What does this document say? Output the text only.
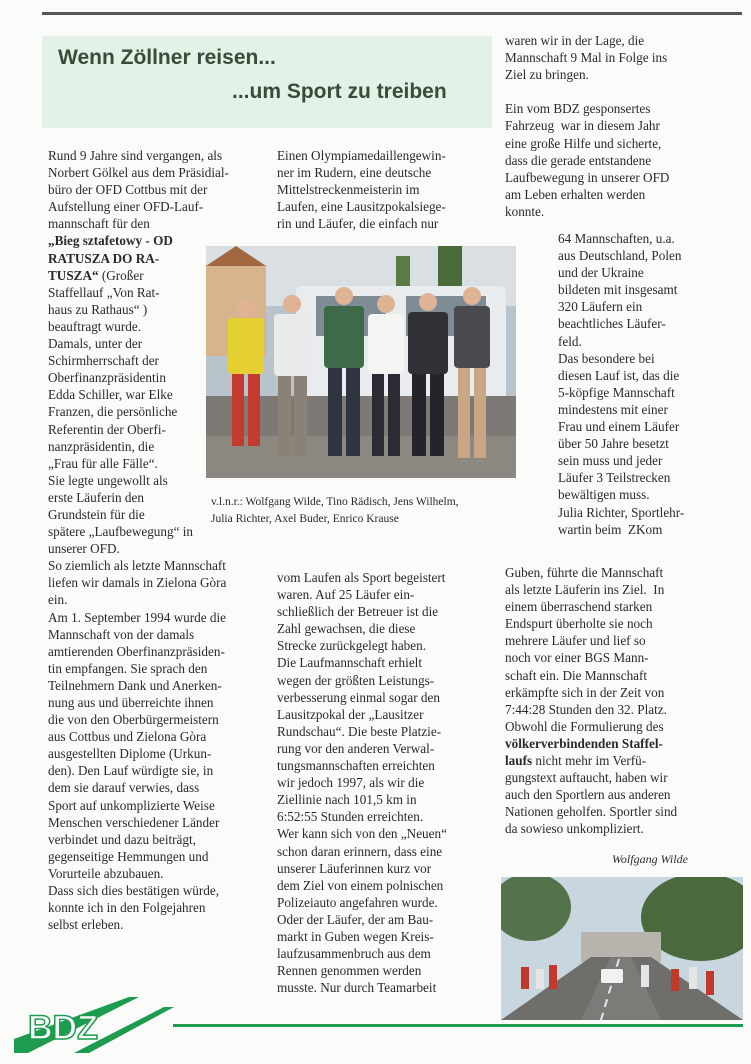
Wenn Zöllner reisen...
...um Sport zu treiben

Rund 9 Jahre sind vergangen, als

Norbert Gölkel aus dem Präsidial-

büro der OFD Cottbus mit der

Aufstellung einer OFD-Lauf-

mannschaft für den

„Bieg sztafetowy - OD

RATUSZA DO RA-

TUSZA“ (Großer

Staffellauf „Von Rat-

haus zu Rathaus“ )

beauftragt wurde.

Damals, unter der

Schirmherrschaft der

Oberfinanzpräsidentin

Edda Schiller, war Elke

Franzen, die persönliche

Referentin der Oberfi-

nanzpräsidentin, die

„Frau für alle Fälle“.

Sie legte ungewollt als

erste Läuferin den

Grundstein für die

spätere „Laufbewegung“ in

unserer OFD.

So ziemlich als letzte Mannschaft

liefen wir damals in Zielona Gòra

ein.

Am 1. September 1994 wurde die

Mannschaft von der damals

amtierenden Oberfinanzpräsiden-

tin empfangen. Sie sprach den

Teilnehmern Dank und Anerken-

nung aus und überreichte ihnen

die von den Oberbürgermeistern

aus Cottbus und Zielona Gòra

ausgestellten Diplome (Urkun-

den). Den Lauf würdigte sie, in

dem sie darauf verwies, dass

Sport auf unkomplizierte Weise

Menschen verschiedener Länder

verbindet und dazu beiträgt,

gegenseitige Hemmungen und

Vorurteile abzubauen.

Dass sich dies bestätigen würde,

konnte ich in den Folgejahren

selbst erleben.

Einen Olympiamedaillengewin-

ner im Rudern, eine deutsche

Mittelstreckenmeisterin im

Laufen, eine Lausitzpokalsiege-

rin und Läufer, die einfach nur

vom Laufen als Sport begeistert

waren. Auf 25 Läufer ein-

schließlich der Betreuer ist die

Zahl gewachsen, die diese

Strecke zurückgelegt haben.

Die Laufmannschaft erhielt

wegen der größten Leistungs-

verbesserung einmal sogar den

Lausitzpokal der „Lausitzer

Rundschau“. Die beste Platzie-

rung vor den anderen Verwal-

tungsmannschaften erreichten

wir jedoch 1997, als wir die

Ziellinie nach 101,5 km in

6:52:55 Stunden erreichten.

Wer kann sich von den „Neuen“

schon daran erinnern, dass eine

unserer Läuferinnen kurz vor

dem Ziel von einem polnischen

Polizeiauto angefahren wurde.

Oder der Läufer, der am Bau-

markt in Guben wegen Kreis-

laufzusammenbruch aus dem

Rennen genommen werden

musste. Nur durch Teamarbeit

waren wir in der Lage, die

Mannschaft 9 Mal in Folge ins

Ziel zu bringen.

Ein vom BDZ gesponsertes

Fahrzeug  war in diesem Jahr

eine große Hilfe und sicherte,

dass die gerade entstandene

Laufbewegung in unserer OFD

am Leben erhalten werden

konnte.

64 Mannschaften, u.a.

aus Deutschland, Polen

und der Ukraine

bildeten mit insgesamt

320 Läufern ein

beachtliches Läufer-

feld.

Das besondere bei

diesen Lauf ist, das die

5-köpfige Mannschaft

mindestens mit einer

Frau und einem Läufer

über 50 Jahre besetzt

sein muss und jeder

Läufer 3 Teilstrecken

bewältigen muss.

Julia Richter, Sportlehr-

wartin beim  ZKom

Guben, führte die Mannschaft

als letzte Läuferin ins Ziel.  In

einem überraschend starken

Endspurt überholte sie noch

mehrere Läufer und lief so

noch vor einer BGS Mann-

schaft ein. Die Mannschaft

erkämpfte sich in der Zeit von

7:44:28 Stunden den 32. Platz.

Obwohl die Formulierung des

völkerverbindenden Staffel-

laufs nicht mehr im Verfü-

gungstext auftaucht, haben wir

auch den Sportlern aus anderen

Nationen geholfen. Sportler sind

da sowieso unkompliziert.

Wolfgang Wilde

v.l.n.r.: Wolfgang Wilde, Tino Rädisch, Jens Wilhelm,

Julia Richter, Axel Buder, Enrico Krause

BDZ
